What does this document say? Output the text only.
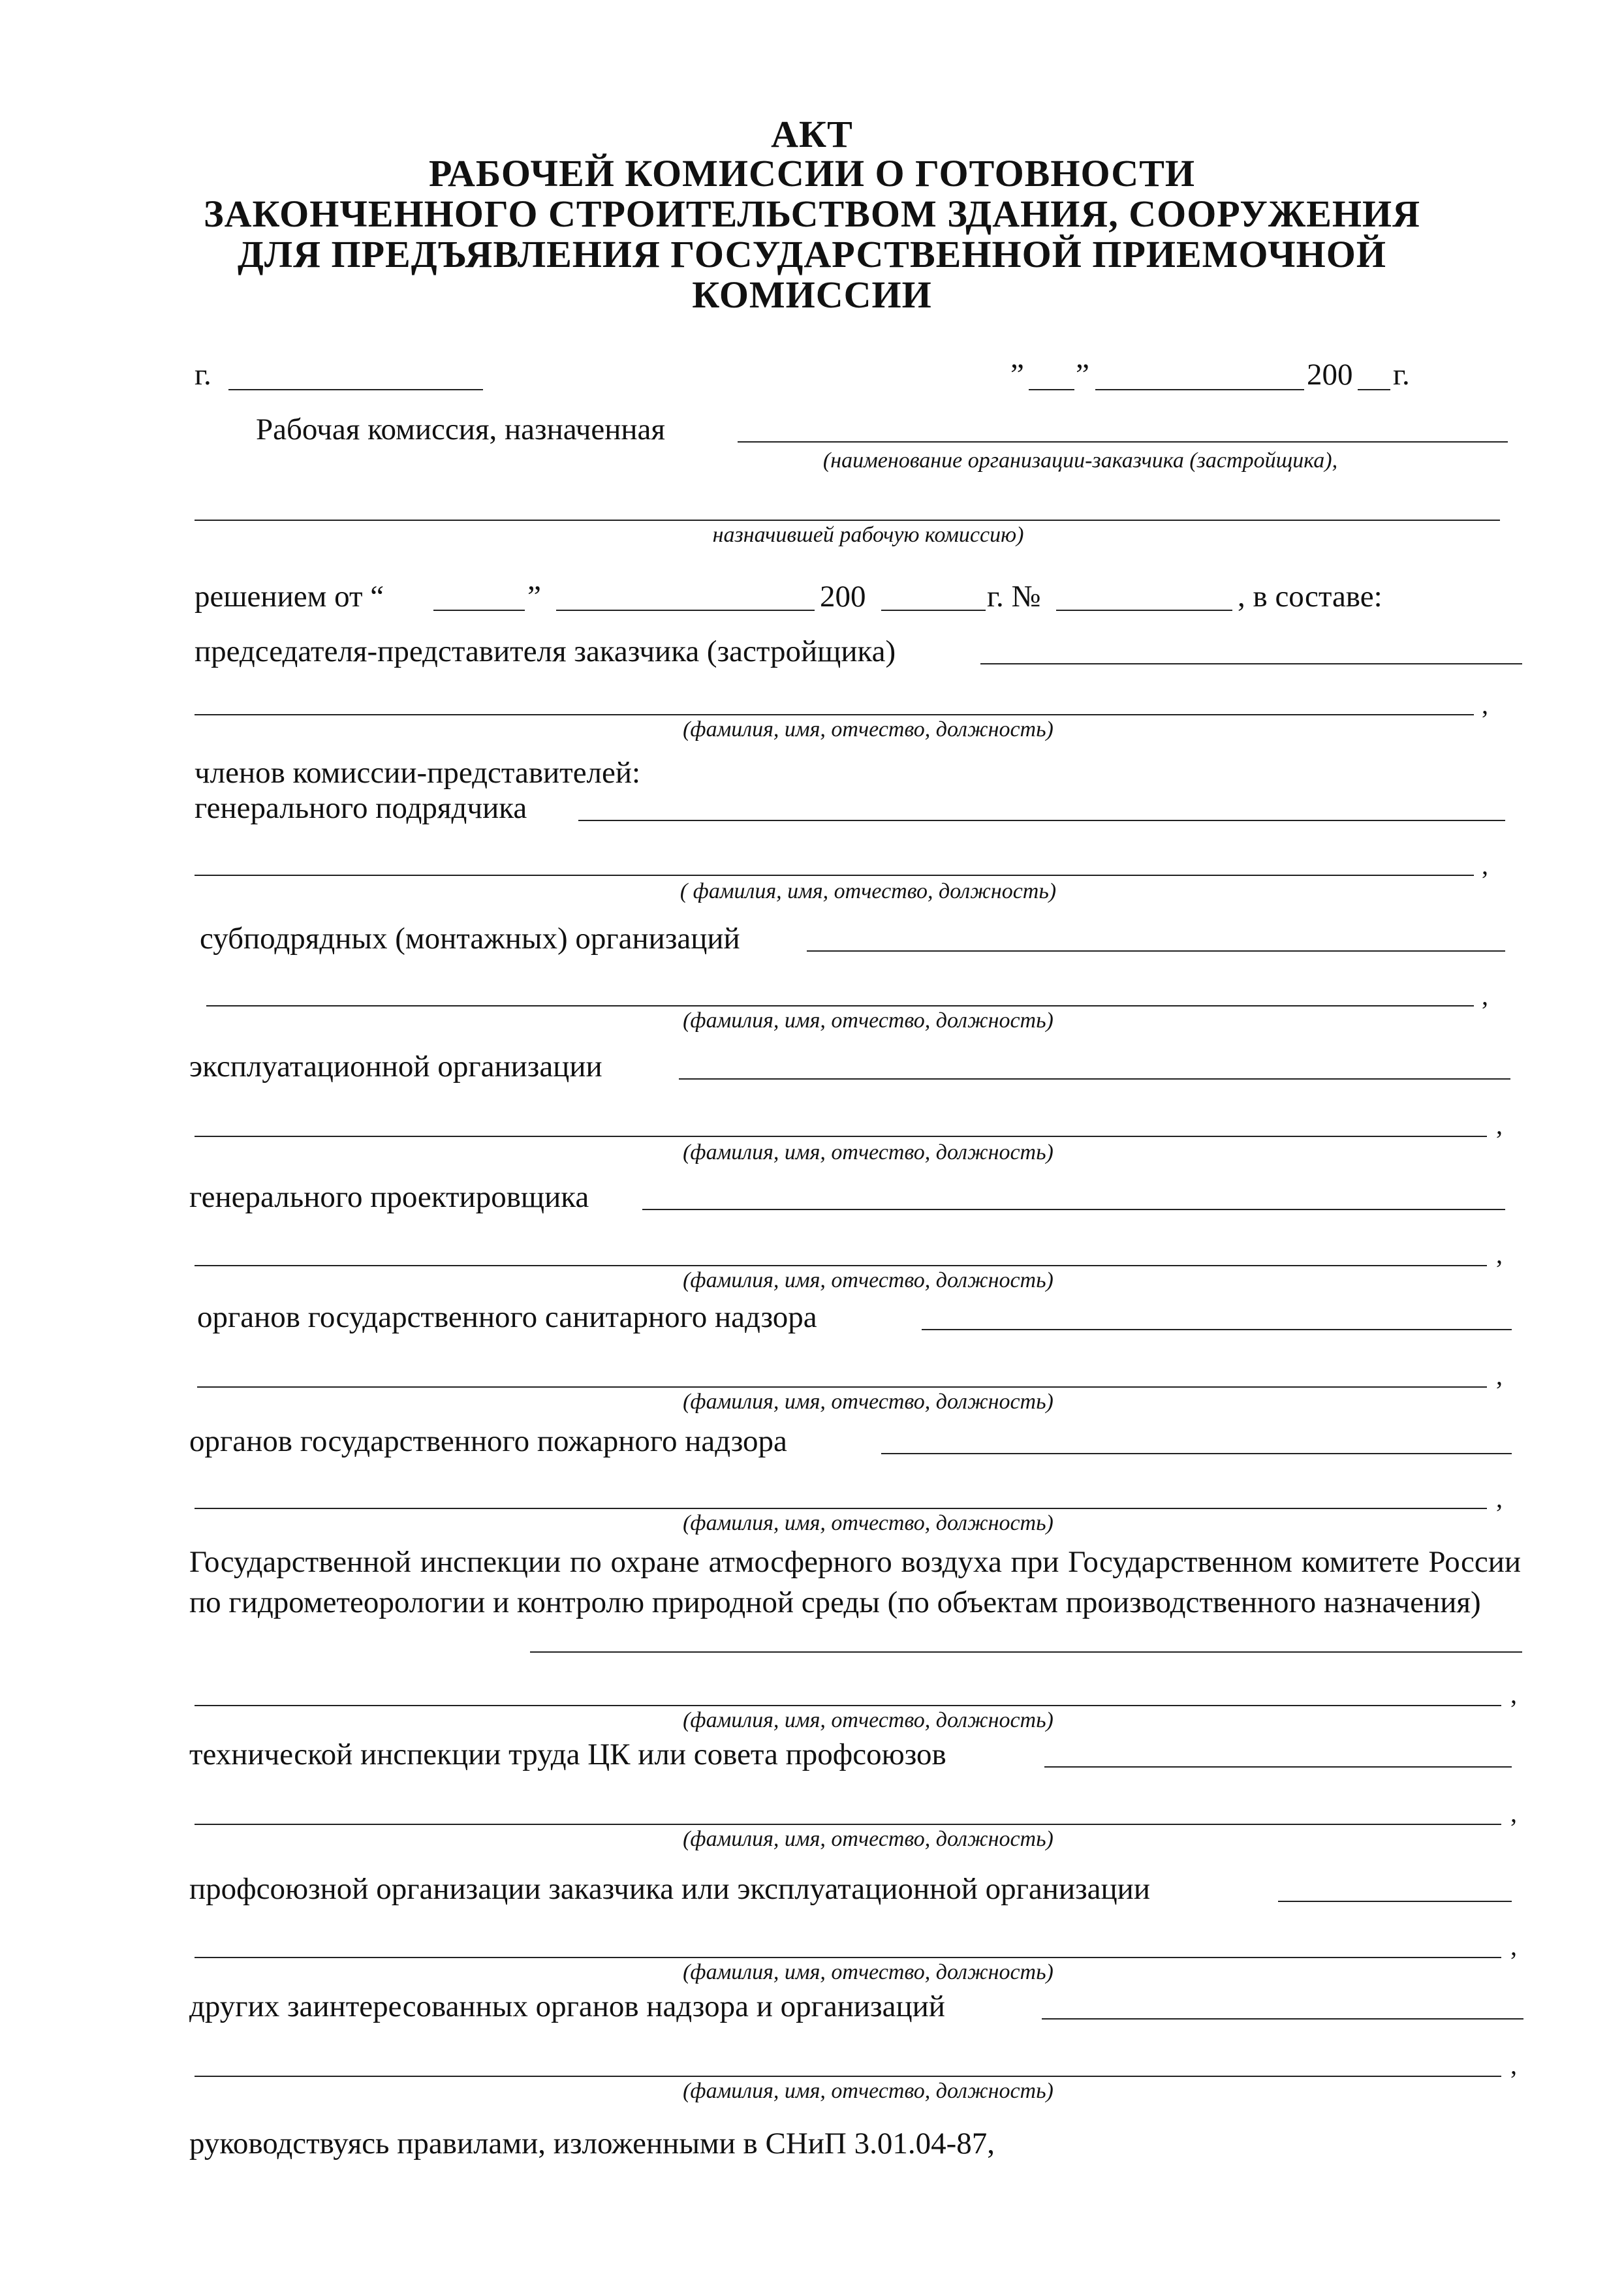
АКТ
РАБОЧЕЙ КОМИССИИ О ГОТОВНОСТИ
ЗАКОНЧЕННОГО СТРОИТЕЛЬСТВОМ ЗДАНИЯ, СООРУЖЕНИЯ
ДЛЯ ПРЕДЪЯВЛЕНИЯ ГОСУДАРСТВЕННОЙ ПРИЕМОЧНОЙ
КОМИССИИ
г.	” ”	200 г.
Рабочая комиссия, назначенная
(наименование организации-заказчика (застройщика),
назначившей рабочую комиссию)
решением от “	”	200	г. №	, в составе:
председателя-представителя заказчика (застройщика)
,
(фамилия, имя, отчество, должность)
членов комиссии-представителей:
генерального подрядчика
,
( фамилия, имя, отчество, должность)
субподрядных (монтажных) организаций
,
(фамилия, имя, отчество, должность)
эксплуатационной организации
,
(фамилия, имя, отчество, должность)
генерального проектировщика
,
(фамилия, имя, отчество, должность)
органов государственного санитарного надзора
,
(фамилия, имя, отчество, должность)
органов государственного пожарного надзора
,
(фамилия, имя, отчество, должность)
Государственной инспекции по охране атмосферного воздуха при Государственном комитете России по гидрометеорологии и контролю природной среды (по объектам производственного назначения)
,
(фамилия, имя, отчество, должность)
технической инспекции труда ЦК или совета профсоюзов
,
(фамилия, имя, отчество, должность)
профсоюзной организации заказчика или эксплуатационной организации
,
(фамилия, имя, отчество, должность)
других заинтересованных органов надзора и организаций
,
(фамилия, имя, отчество, должность)
руководствуясь правилами, изложенными в СНиП 3.01.04-87,
